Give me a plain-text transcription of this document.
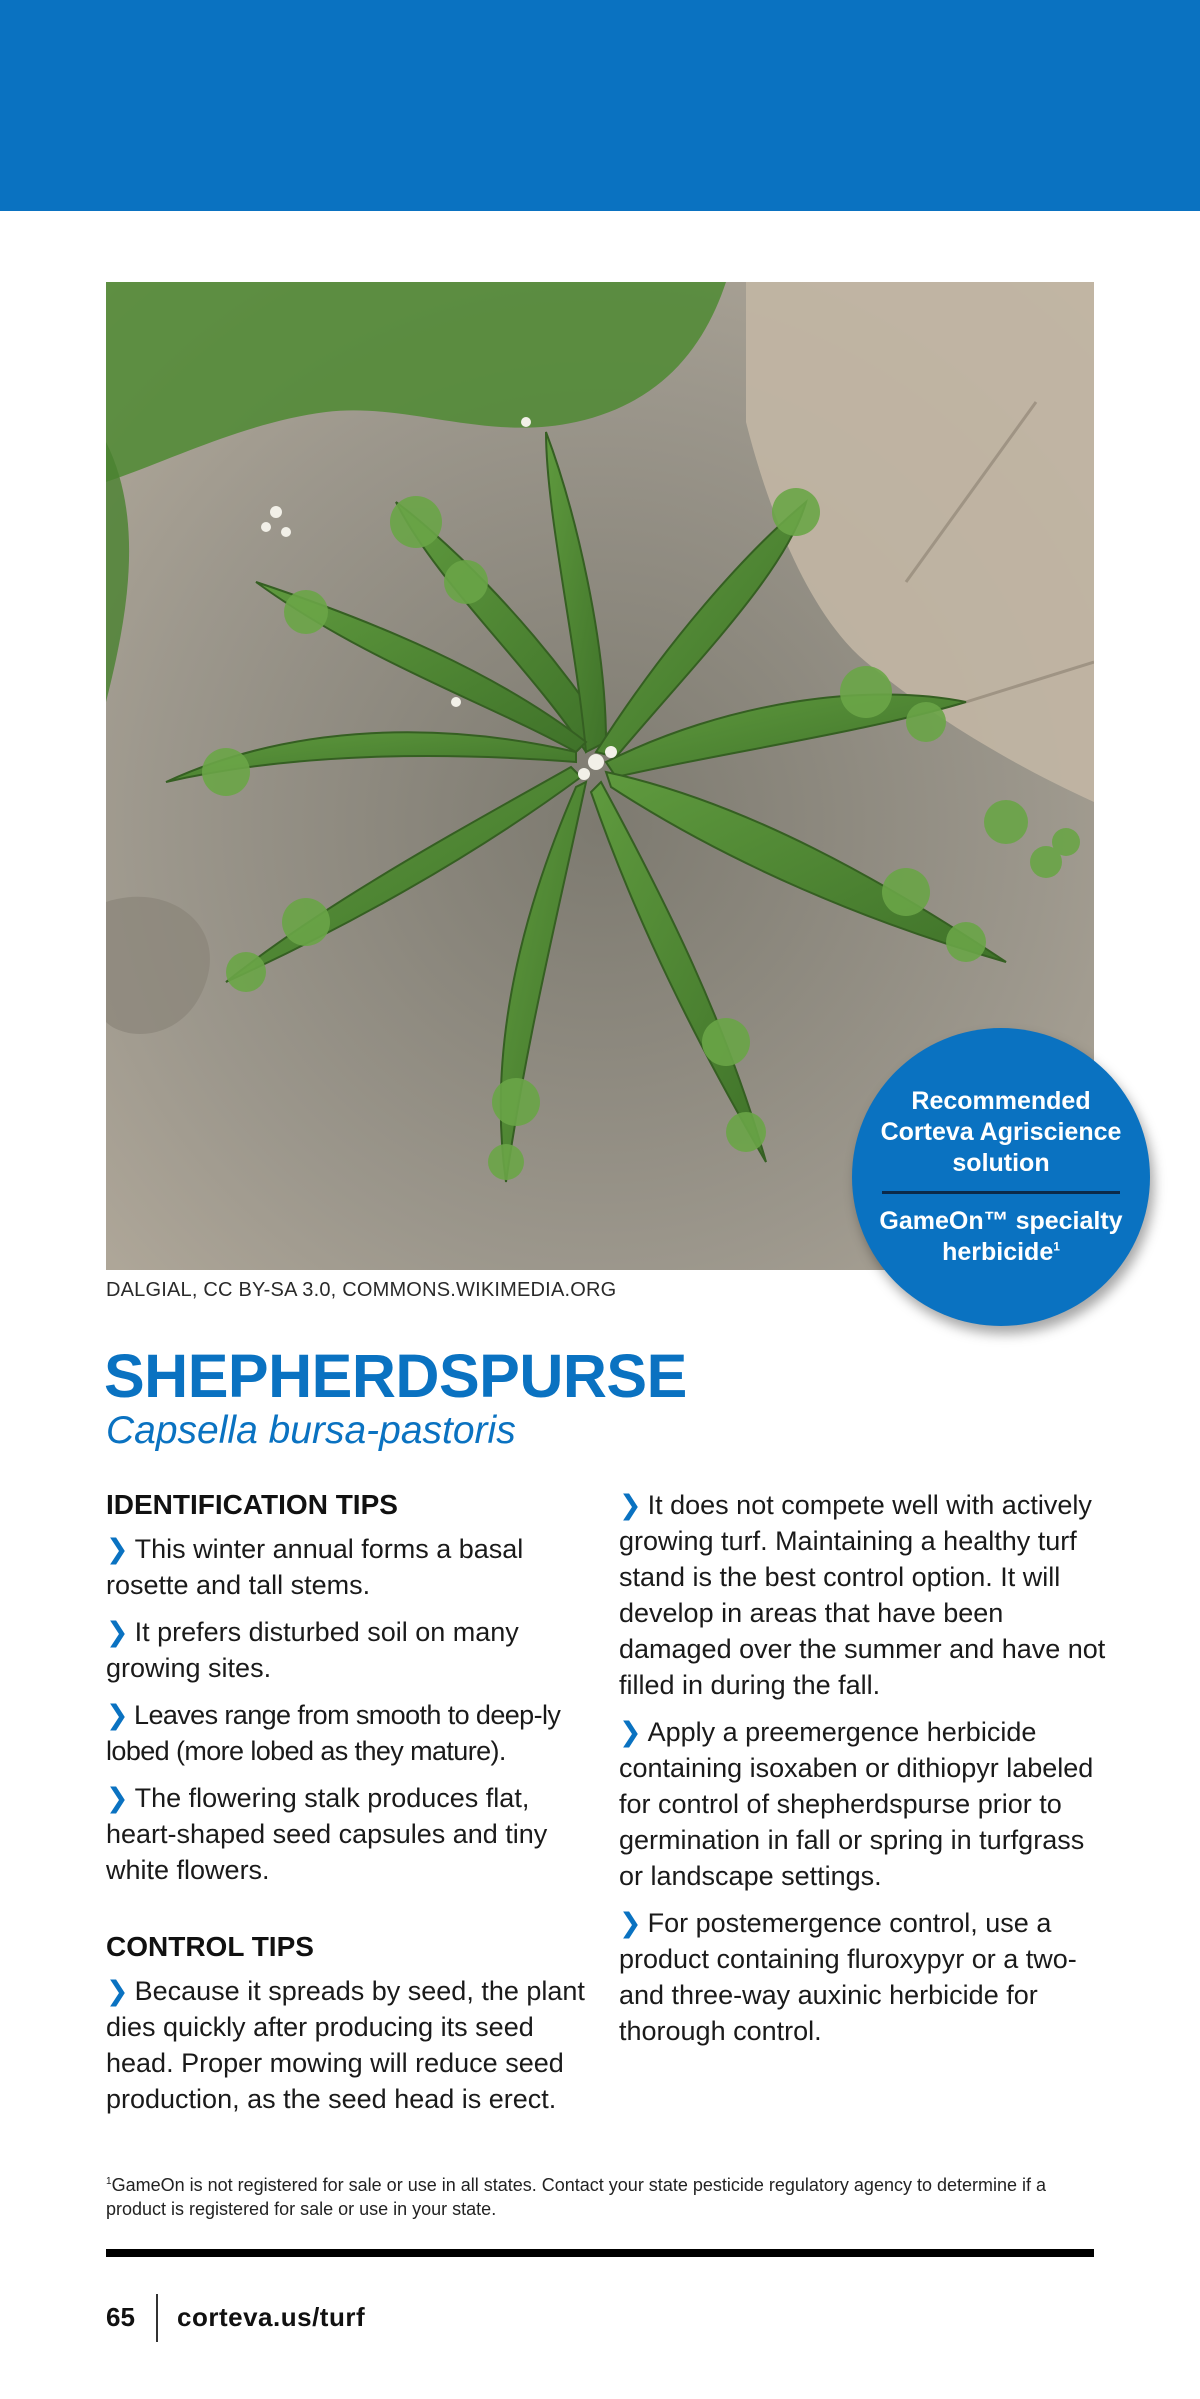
Recommended Corteva Agriscience solution
GameOn™ specialty herbicide$^1$
DALGIAL, CC BY-SA 3.0, COMMONS.WIKIMEDIA.ORG
SHEPHERDSPURSE
Capsella bursa-pastoris
IDENTIFICATION TIPS
❯ This winter annual forms a basal rosette and tall stems.
❯ It prefers disturbed soil on many growing sites.
❯ Leaves range from smooth to deep-ly lobed (more lobed as they mature).
❯ The flowering stalk produces flat, heart-shaped seed capsules and tiny white flowers.
CONTROL TIPS
❯ Because it spreads by seed, the plant dies quickly after producing its seed head. Proper mowing will reduce seed production, as the seed head is erect.
❯ It does not compete well with actively growing turf. Maintaining a healthy turf stand is the best control option. It will develop in areas that have been damaged over the summer and have not filled in during the fall.
❯ Apply a preemergence herbicide containing isoxaben or dithiopyr labeled for control of shepherdspurse prior to germination in fall or spring in turfgrass or landscape settings.
❯ For postemergence control, use a product containing fluroxypyr or a two- and three-way auxinic herbicide for thorough control.
$^1$GameOn is not registered for sale or use in all states. Contact your state pesticide regulatory agency to determine if a product is registered for sale or use in your state.
65 corteva.us/turf
